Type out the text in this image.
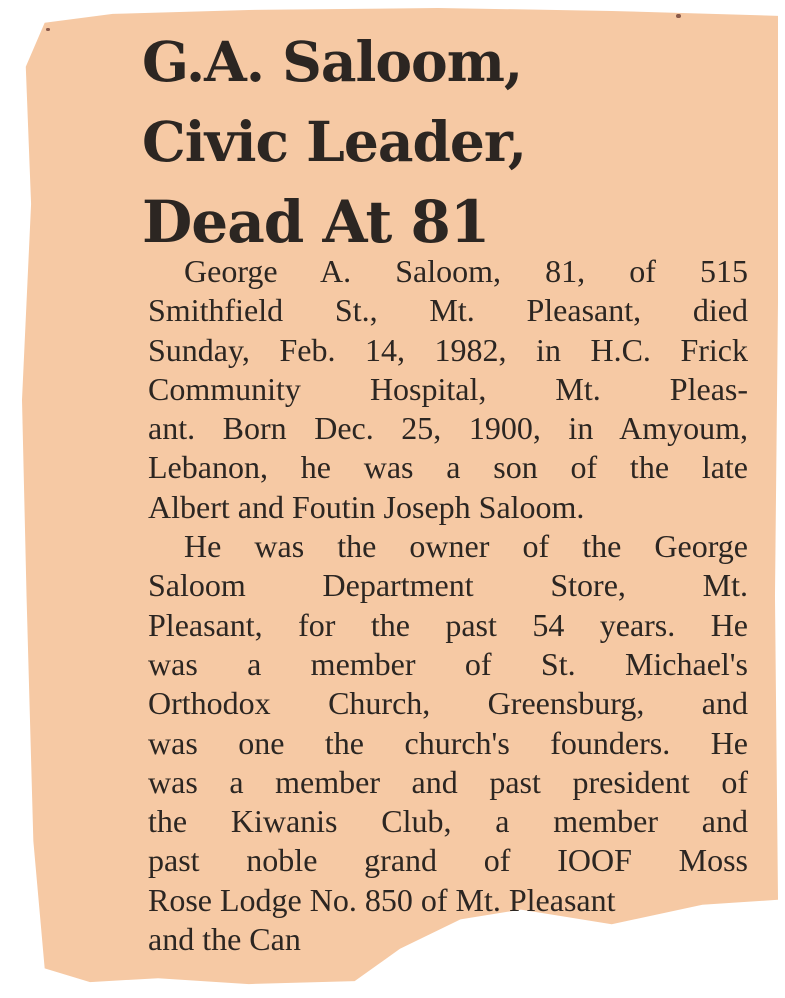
G.A. Saloom,
Civic Leader,
Dead At 81
George A. Saloom, 81, of 515
Smithfield St., Mt. Pleasant, died
Sunday, Feb. 14, 1982, in H.C. Frick
Community Hospital, Mt. Pleas-
ant. Born Dec. 25, 1900, in Amyoum,
Lebanon, he was a son of the late
Albert and Foutin Joseph Saloom.
He was the owner of the George
Saloom Department Store, Mt.
Pleasant, for the past 54 years. He
was a member of St. Michael's
Orthodox Church, Greensburg, and
was one the church's founders. He
was a member and past president of
the Kiwanis Club, a member and
past noble grand of IOOF Moss
Rose Lodge No. 850 of Mt. Pleasant
and the Can
